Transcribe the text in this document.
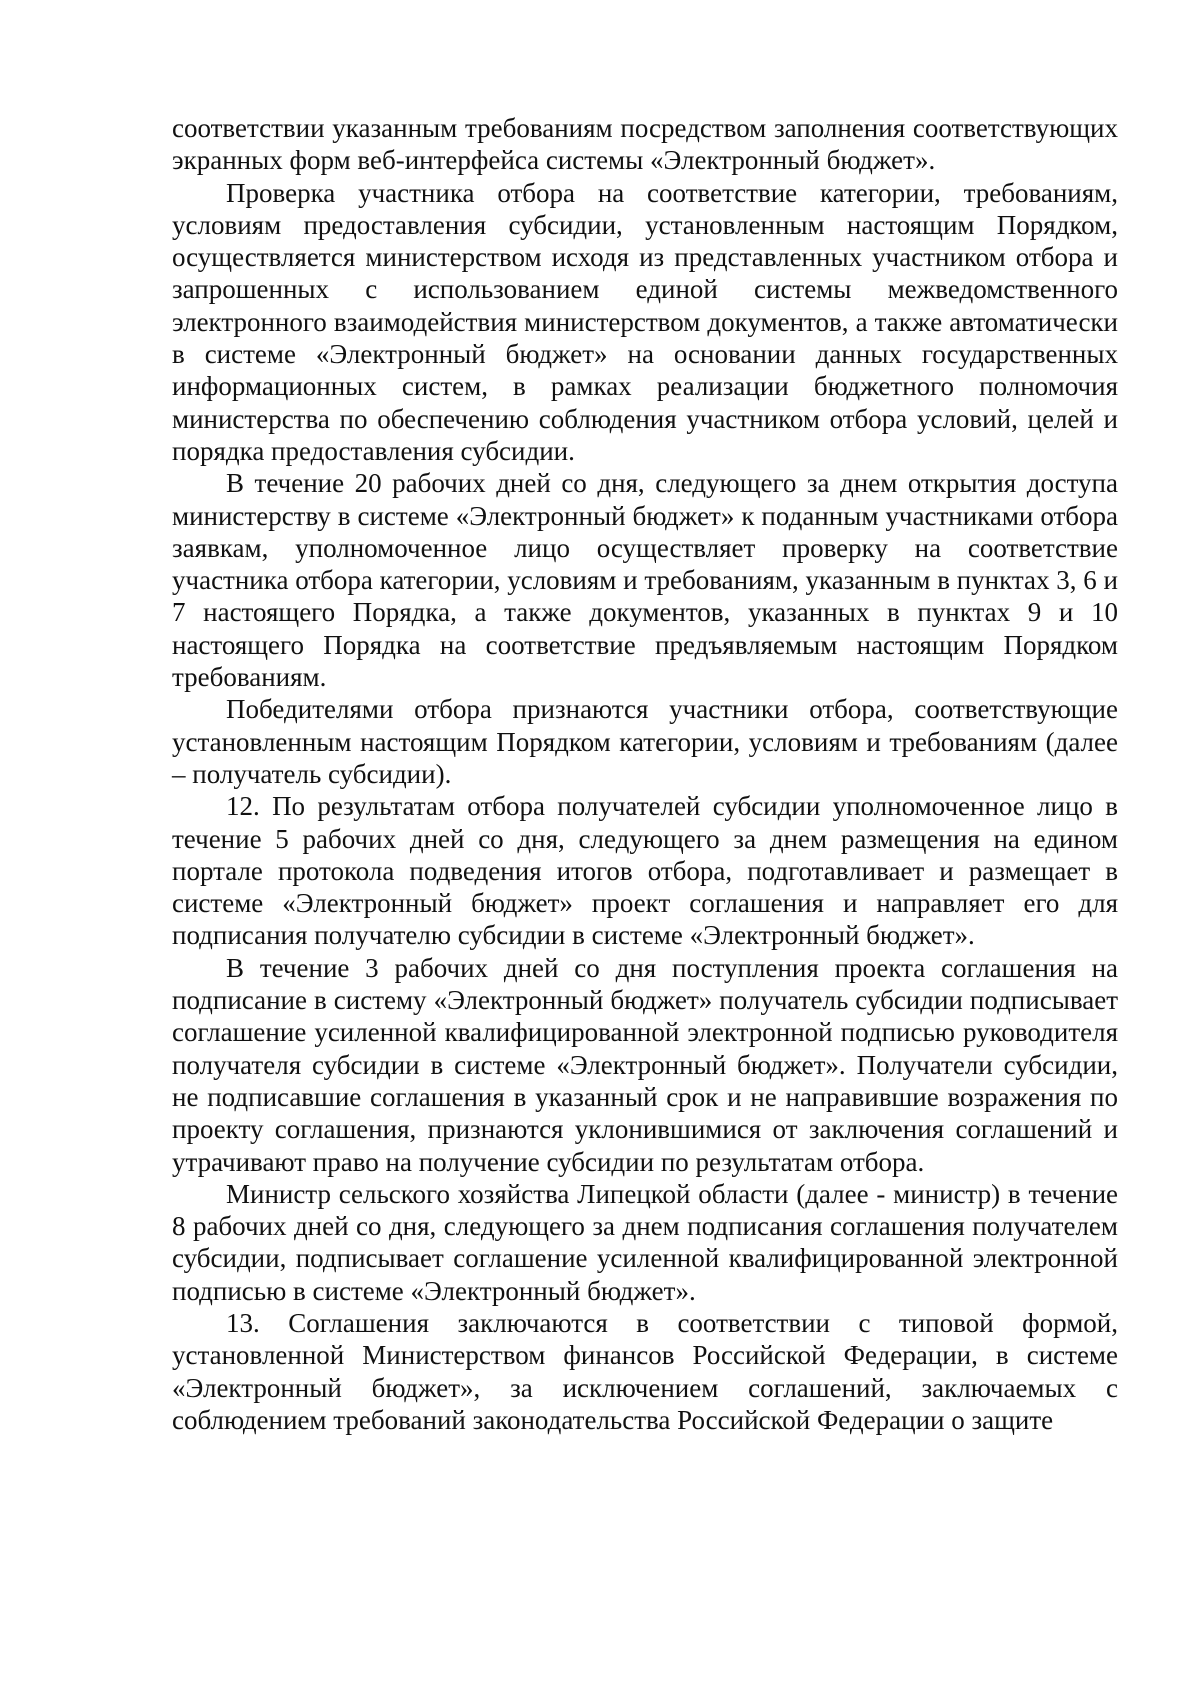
соответствии указанным требованиям посредством заполнения соответствующих экранных форм веб-интерфейса системы «Электронный бюджет».

Проверка участника отбора на соответствие категории, требованиям, условиям предоставления субсидии, установленным настоящим Порядком, осуществляется министерством исходя из представленных участником отбора и запрошенных с использованием единой системы межведомственного электронного взаимодействия министерством документов, а также автоматически в системе «Электронный бюджет» на основании данных государственных информационных систем, в рамках реализации бюджетного полномочия министерства по обеспечению соблюдения участником отбора условий, целей и порядка предоставления субсидии.

В течение 20 рабочих дней со дня, следующего за днем открытия доступа министерству в системе «Электронный бюджет» к поданным участниками отбора заявкам, уполномоченное лицо осуществляет проверку на соответствие участника отбора категории, условиям и требованиям, указанным в пунктах 3, 6 и 7 настоящего Порядка, а также документов, указанных в пунктах 9 и 10 настоящего Порядка на соответствие предъявляемым настоящим Порядком требованиям.

Победителями отбора признаются участники отбора, соответствующие установленным настоящим Порядком категории, условиям и требованиям (далее – получатель субсидии).

12. По результатам отбора получателей субсидии уполномоченное лицо в течение 5 рабочих дней со дня, следующего за днем размещения на едином портале протокола подведения итогов отбора, подготавливает и размещает в системе «Электронный бюджет» проект соглашения и направляет его для подписания получателю субсидии в системе «Электронный бюджет».

В течение 3 рабочих дней со дня поступления проекта соглашения на подписание в систему «Электронный бюджет» получатель субсидии подписывает соглашение усиленной квалифицированной электронной подписью руководителя получателя субсидии в системе «Электронный бюджет». Получатели субсидии, не подписавшие соглашения в указанный срок и не направившие возражения по проекту соглашения, признаются уклонившимися от заключения соглашений и утрачивают право на получение субсидии по результатам отбора.

Министр сельского хозяйства Липецкой области (далее - министр) в течение 8 рабочих дней со дня, следующего за днем подписания соглашения получателем субсидии, подписывает соглашение усиленной квалифицированной электронной подписью в системе «Электронный бюджет».

13. Соглашения заключаются в соответствии с типовой формой, установленной Министерством финансов Российской Федерации, в системе «Электронный бюджет», за исключением соглашений, заключаемых с соблюдением требований законодательства Российской Федерации о защите
